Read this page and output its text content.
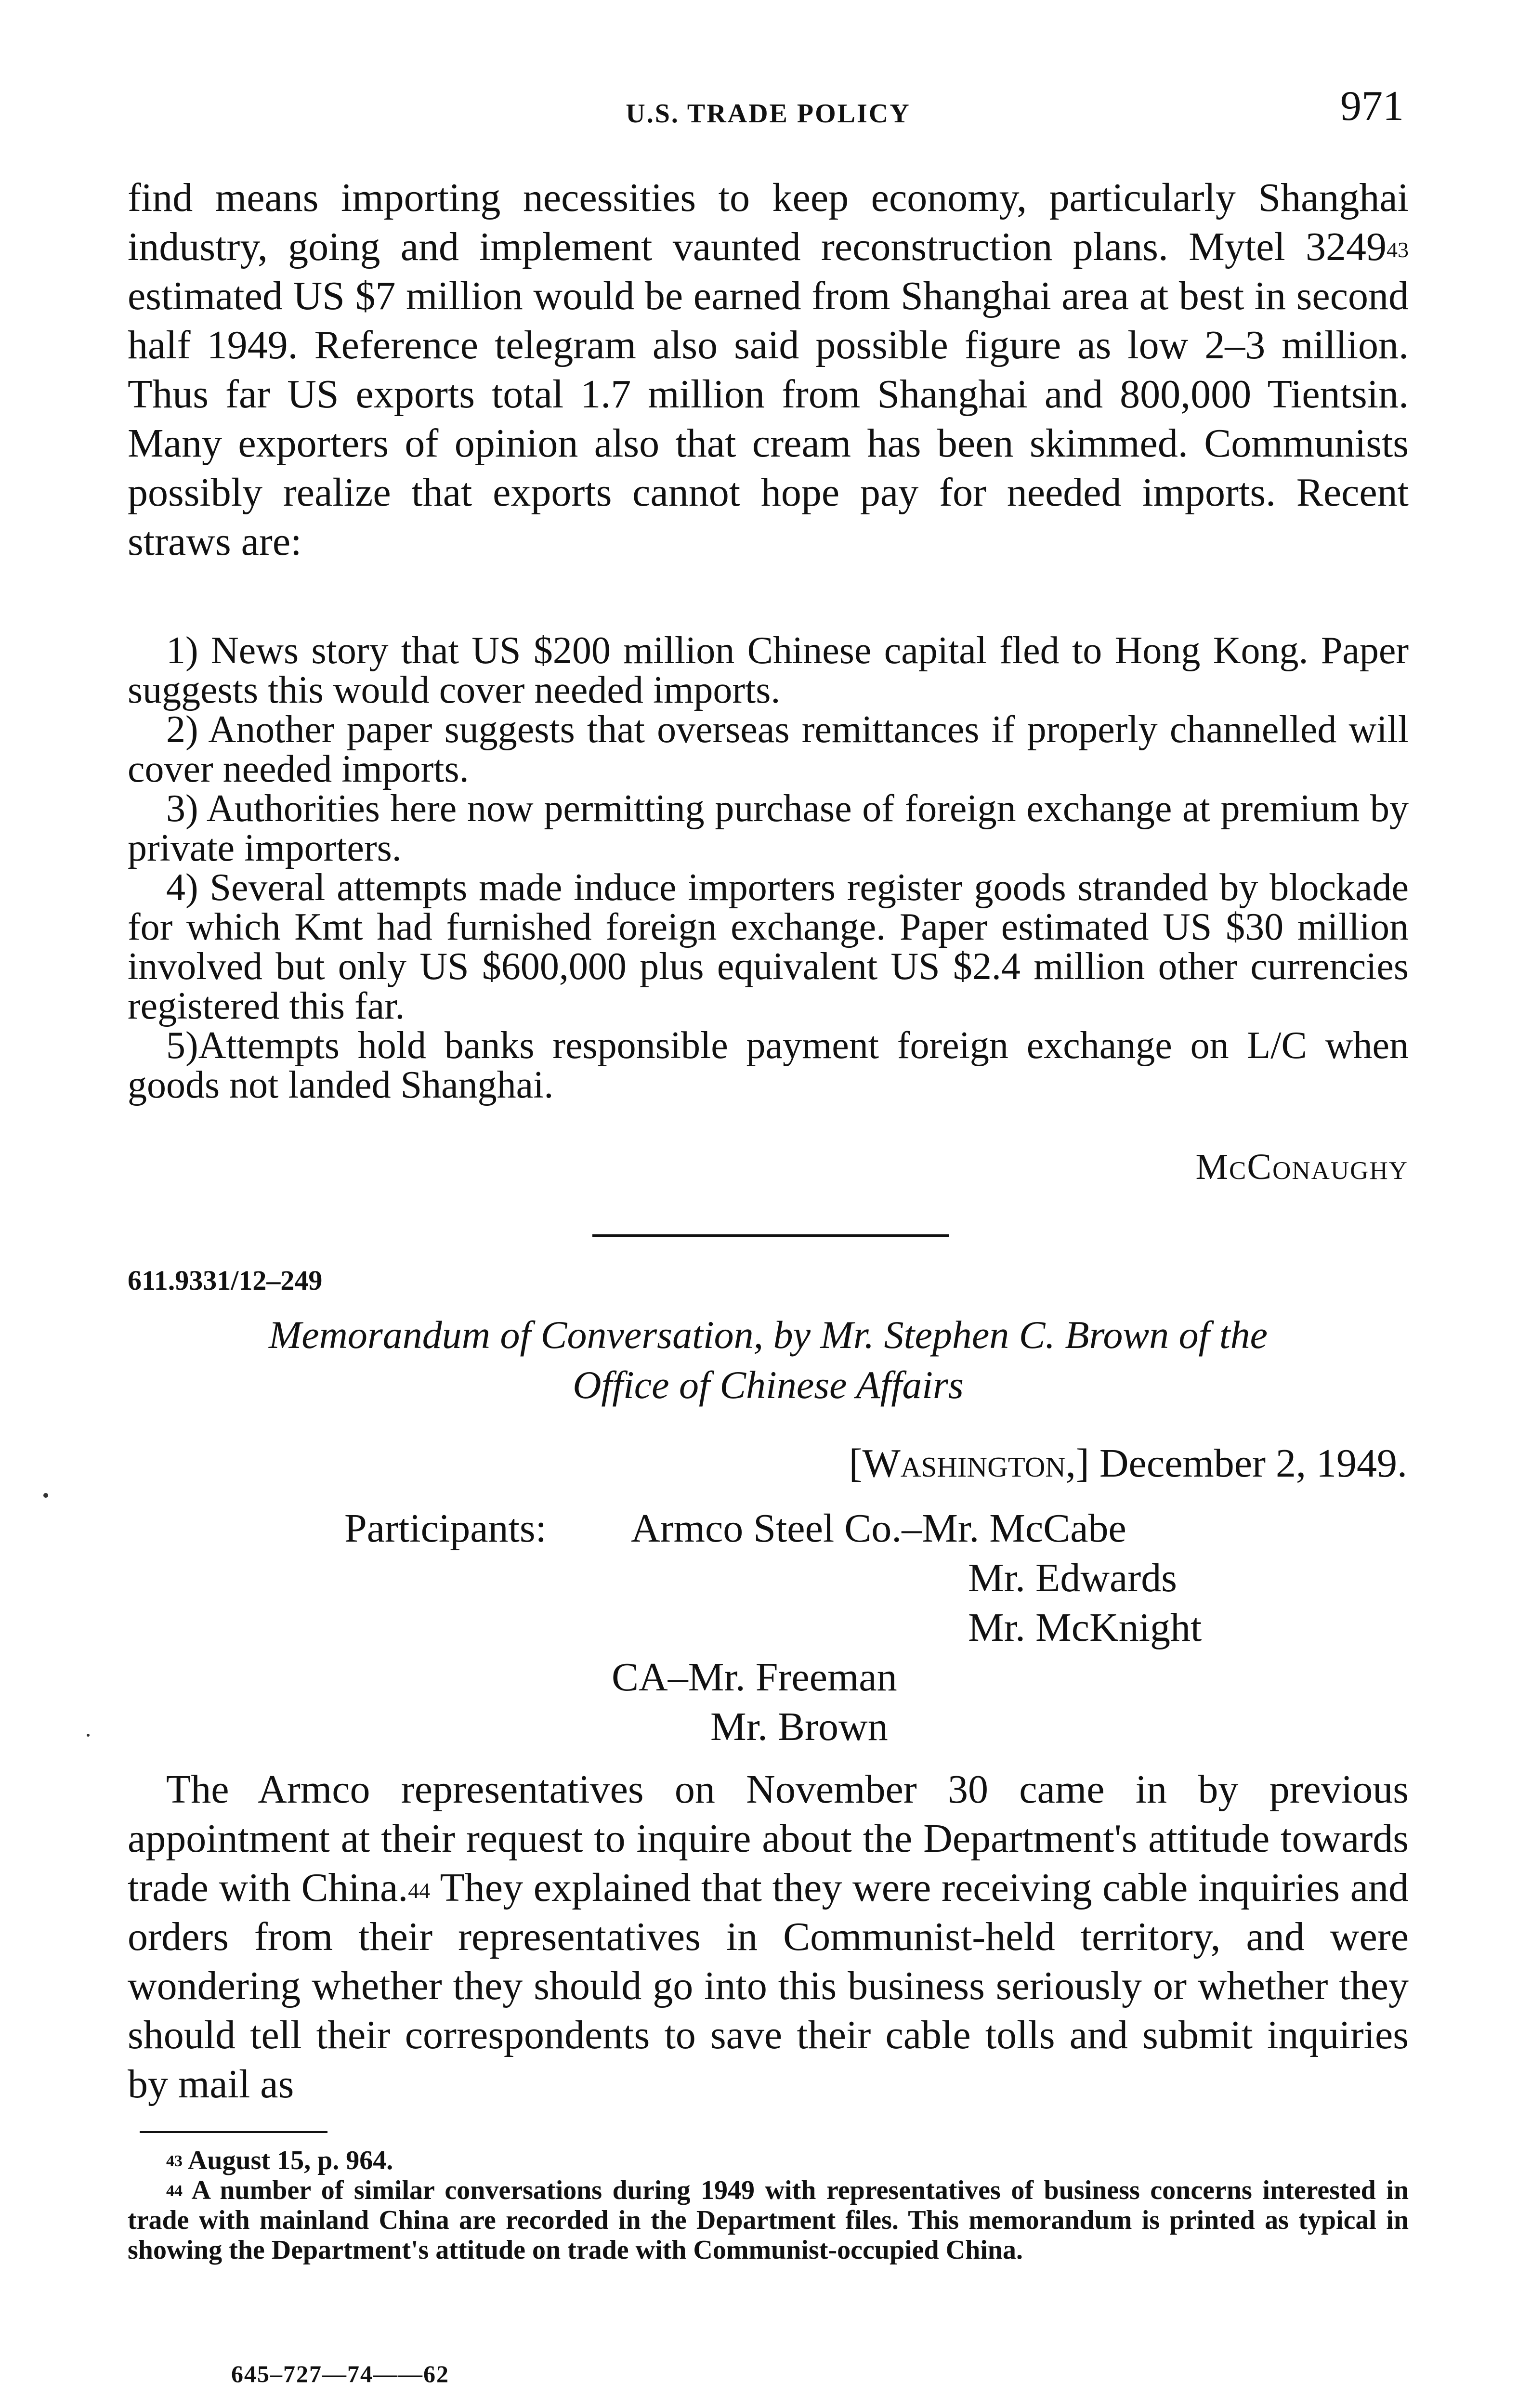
U.S. TRADE POLICY	971
find means importing necessities to keep economy, particularly Shanghai industry, going and implement vaunted reconstruction plans. Mytel 3249$^{43}$ estimated US $7 million would be earned from Shanghai area at best in second half 1949. Reference telegram also said possible figure as low 2–3 million. Thus far US exports total 1.7 million from Shanghai and 800,000 Tientsin. Many exporters of opinion also that cream has been skimmed. Communists possibly realize that exports cannot hope pay for needed imports. Recent straws are:
1) News story that US $200 million Chinese capital fled to Hong Kong. Paper suggests this would cover needed imports.
2) Another paper suggests that overseas remittances if properly channelled will cover needed imports.
3) Authorities here now permitting purchase of foreign exchange at premium by private importers.
4) Several attempts made induce importers register goods stranded by blockade for which Kmt had furnished foreign exchange. Paper estimated US $30 million involved but only US $600,000 plus equivalent US $2.4 million other currencies registered this far.
5)Attempts hold banks responsible payment foreign exchange on L/C when goods not landed Shanghai.
McConaughy
611.9331/12–249
Memorandum of Conversation, by Mr. Stephen C. Brown of the
Office of Chinese Affairs
[Washington,] December 2, 1949.
Participants: Armco Steel Co.–Mr. McCabe
Mr. Edwards
Mr. McKnight
CA–Mr. Freeman
Mr. Brown
The Armco representatives on November 30 came in by previous appointment at their request to inquire about the Department's attitude towards trade with China.$^{44}$ They explained that they were receiving cable inquiries and orders from their representatives in Communist-held territory, and were wondering whether they should go into this business seriously or whether they should tell their correspondents to save their cable tolls and submit inquiries by mail as
$^{43}$ August 15, p. 964.
$^{44}$ A number of similar conversations during 1949 with representatives of business concerns interested in trade with mainland China are recorded in the Department files. This memorandum is printed as typical in showing the Department's attitude on trade with Communist-occupied China.
645–727—74——62
